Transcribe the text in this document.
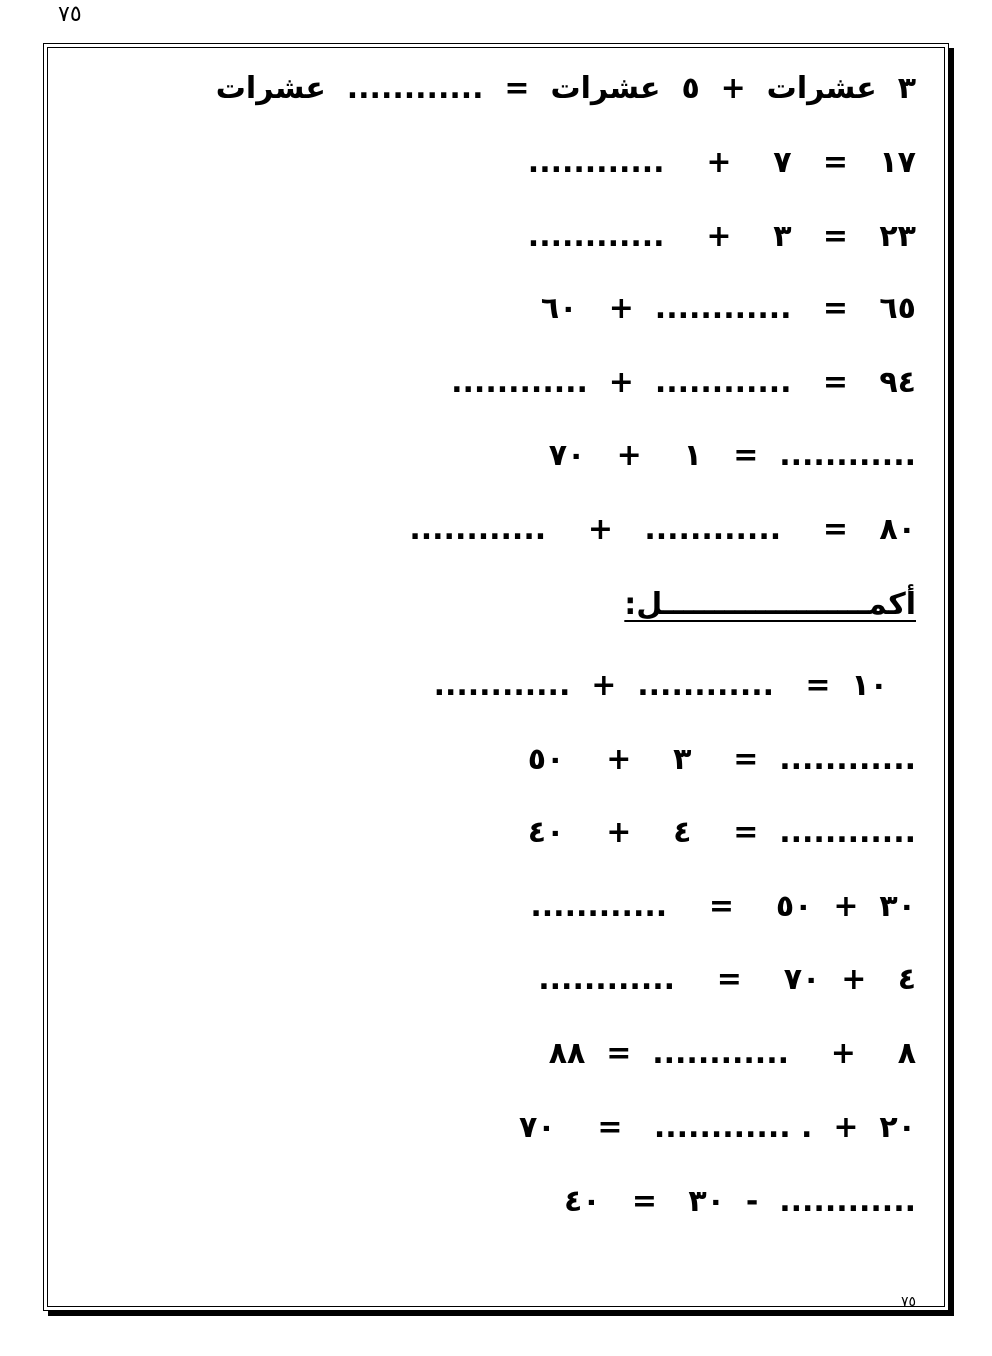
٧٥
٣  عشرات  +  ٥  عشرات  =  ............  عشرات
١٧   =   ٧    +    ............
٢٣   =   ٣    +    ............
٦٥   =   ............  +   ٦٠
٩٤   =   ............  +  ............
............  =   ١    +   ٧٠
٨٠   =    ............   +    ............
أكمــــــــــــــــــــل:
١٠  =   ............  +  ............
............  =    ٣    +    ٥٠
............  =    ٤    +    ٤٠
٣٠  +  ٥٠    =    ............
٤   +  ٧٠    =    ............
٨    +    ............  =  ٨٨
٢٠  +  . ............   =    ٧٠
............  -  ٣٠   =   ٤٠
٧٥
